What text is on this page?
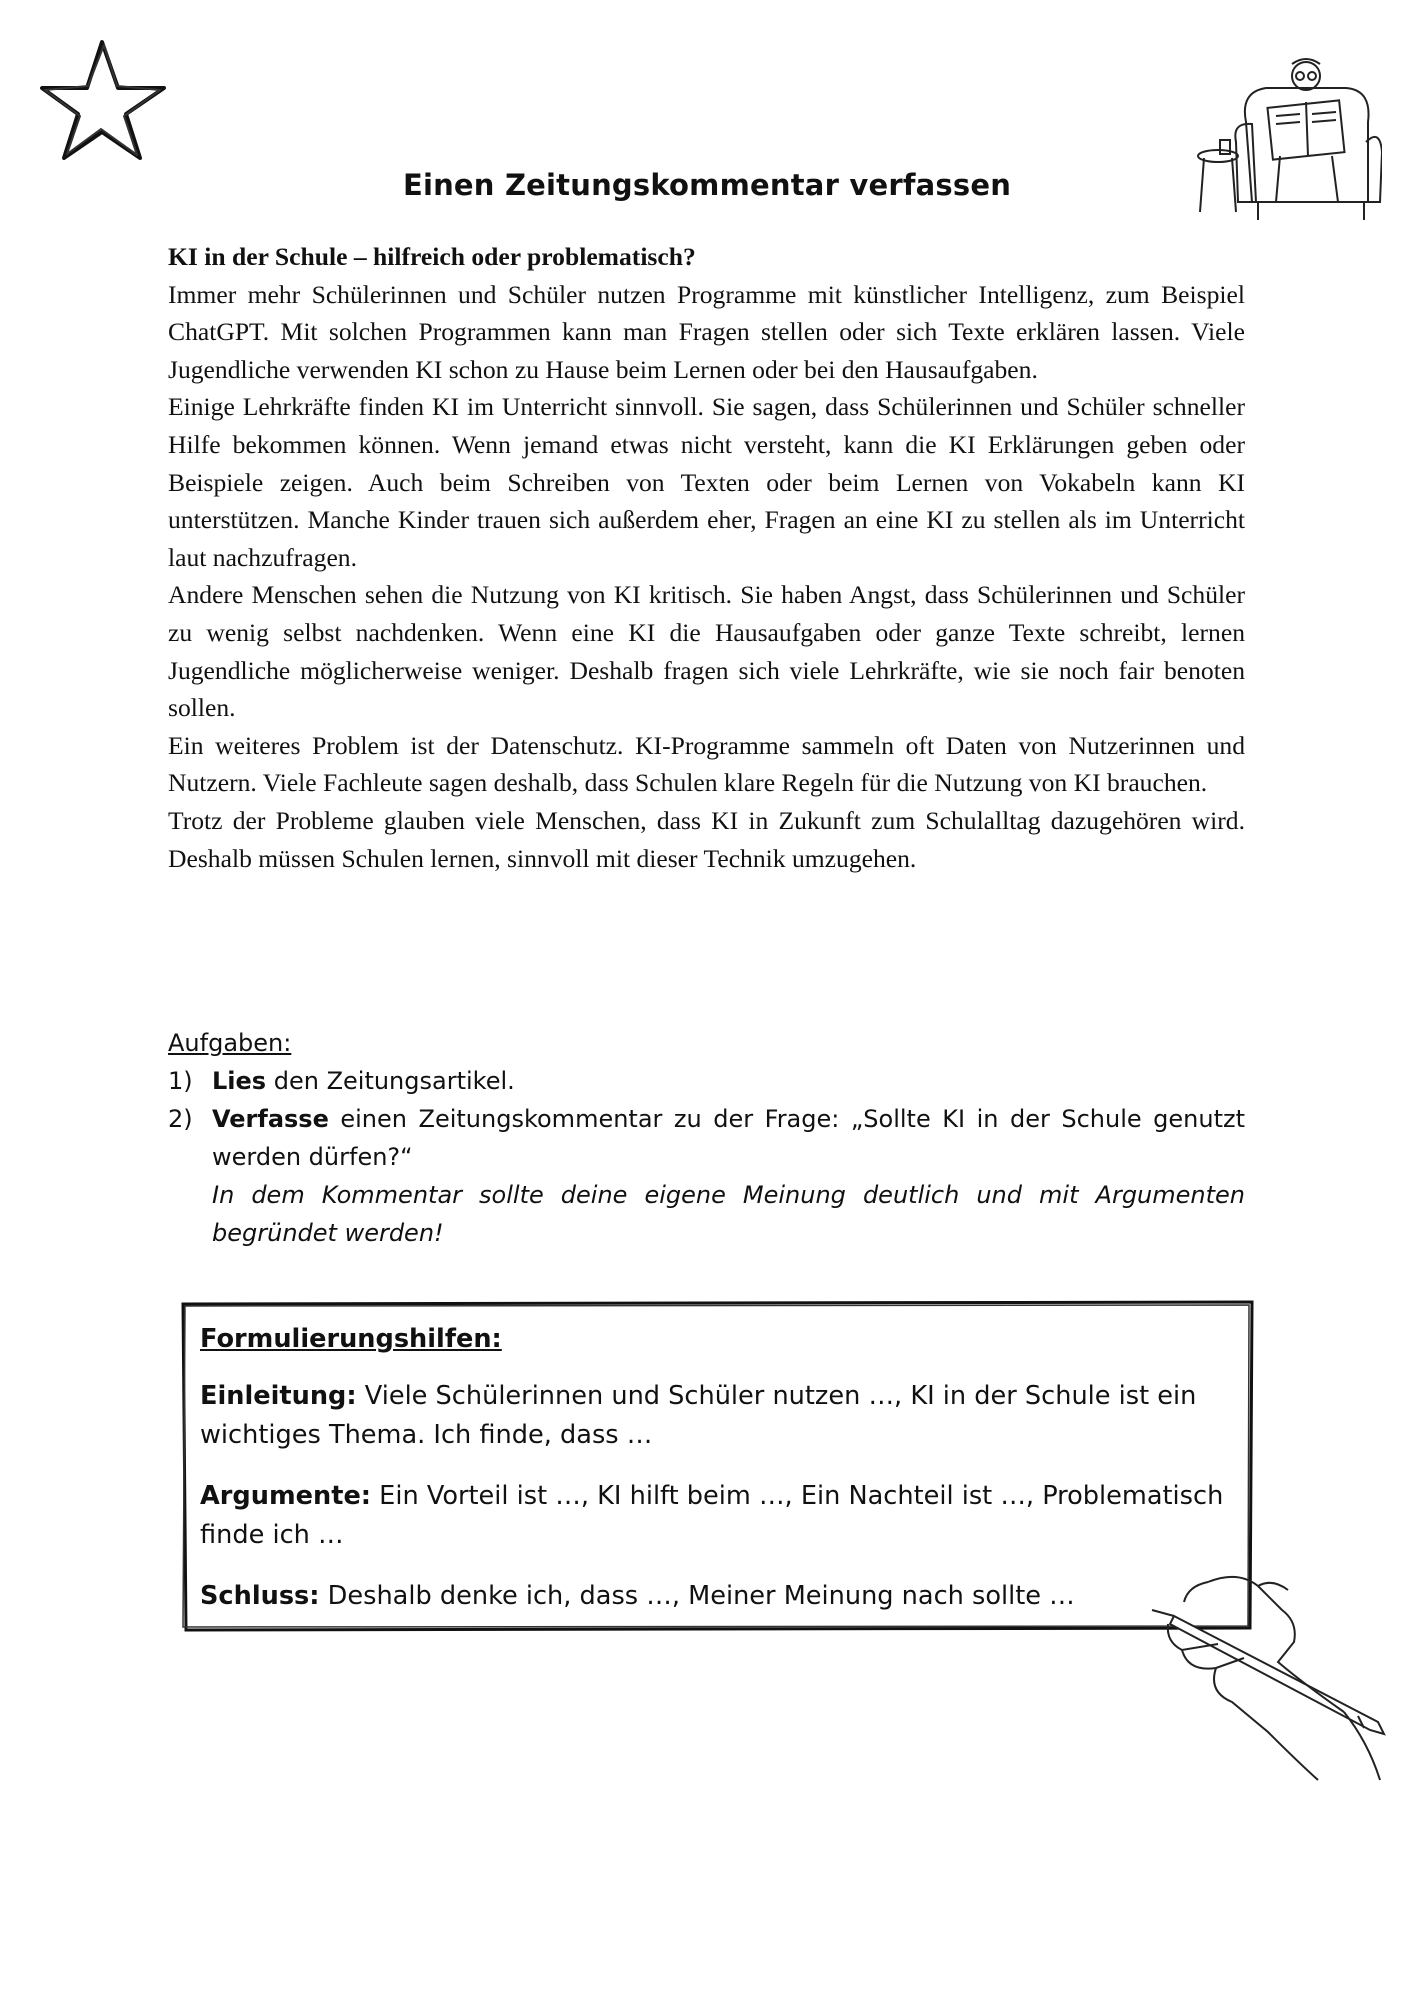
Einen Zeitungskommentar verfassen

KI in der Schule – hilfreich oder problematisch?

Immer mehr Schülerinnen und Schüler nutzen Programme mit künstlicher Intelligenz, zum Beispiel ChatGPT. Mit solchen Programmen kann man Fragen stellen oder sich Texte erklären lassen. Viele Jugendliche verwenden KI schon zu Hause beim Lernen oder bei den Hausaufgaben.

Einige Lehrkräfte finden KI im Unterricht sinnvoll. Sie sagen, dass Schülerinnen und Schüler schneller Hilfe bekommen können. Wenn jemand etwas nicht versteht, kann die KI Erklärungen geben oder Beispiele zeigen. Auch beim Schreiben von Texten oder beim Lernen von Vokabeln kann KI unterstützen. Manche Kinder trauen sich außerdem eher, Fragen an eine KI zu stellen als im Unterricht laut nachzufragen.

Andere Menschen sehen die Nutzung von KI kritisch. Sie haben Angst, dass Schülerinnen und Schüler zu wenig selbst nachdenken. Wenn eine KI die Hausaufgaben oder ganze Texte schreibt, lernen Jugendliche möglicherweise weniger. Deshalb fragen sich viele Lehrkräfte, wie sie noch fair benoten sollen.

Ein weiteres Problem ist der Datenschutz. KI-Programme sammeln oft Daten von Nutzerinnen und Nutzern. Viele Fachleute sagen deshalb, dass Schulen klare Regeln für die Nutzung von KI brauchen.

Trotz der Probleme glauben viele Menschen, dass KI in Zukunft zum Schulalltag dazugehören wird. Deshalb müssen Schulen lernen, sinnvoll mit dieser Technik umzugehen.

Aufgaben:
1) Lies den Zeitungsartikel.
2) Verfasse einen Zeitungskommentar zu der Frage: „Sollte KI in der Schule genutzt werden dürfen?“
In dem Kommentar sollte deine eigene Meinung deutlich und mit Argumenten begründet werden!
Formulierungshilfen:
Einleitung: Viele Schülerinnen und Schüler nutzen …, KI in der Schule ist ein wichtiges Thema. Ich finde, dass …
Argumente: Ein Vorteil ist …, KI hilft beim …, Ein Nachteil ist …, Problematisch finde ich …
Schluss: Deshalb denke ich, dass …, Meiner Meinung nach sollte …
